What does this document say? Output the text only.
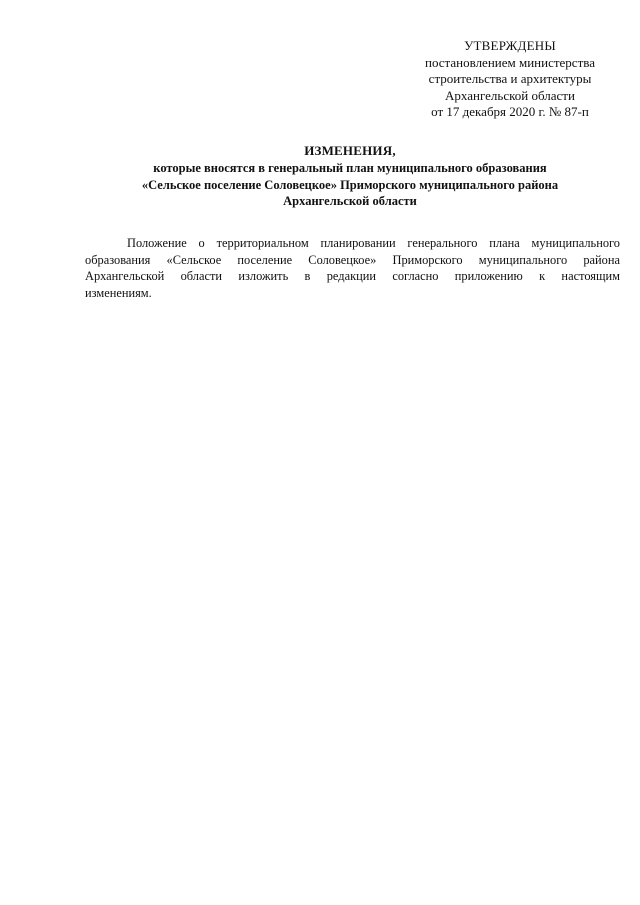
УТВЕРЖДЕНЫ
постановлением министерства
строительства и архитектуры
Архангельской области
от 17 декабря 2020 г. № 87-п
ИЗМЕНЕНИЯ,
которые вносятся в генеральный план муниципального образования
«Сельское поселение Соловецкое» Приморского муниципального района
Архангельской области
Положение о территориальном планировании генерального плана муниципального
образования «Сельское поселение Соловецкое» Приморского муниципального района
Архангельской области изложить в редакции согласно приложению к настоящим
изменениям.
